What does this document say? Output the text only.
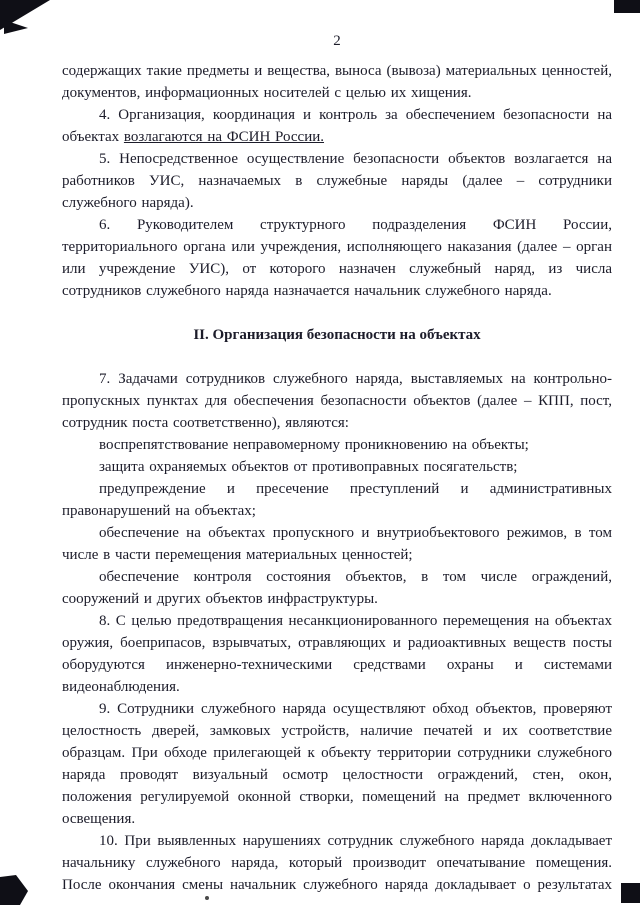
2

содержащих такие предметы и вещества, выноса (вывоза) материальных ценностей, документов, информационных носителей с целью их хищения.

4. Организация, координация и контроль за обеспечением безопасности на объектах возлагаются на ФСИН России.

5. Непосредственное осуществление безопасности объектов возлагается на работников УИС, назначаемых в служебные наряды (далее – сотрудники служебного наряда).

6. Руководителем структурного подразделения ФСИН России, территориального органа или учреждения, исполняющего наказания (далее – орган или учреждение УИС), от которого назначен служебный наряд, из числа сотрудников служебного наряда назначается начальник служебного наряда.

II. Организация безопасности на объектах

7. Задачами сотрудников служебного наряда, выставляемых на контрольно-пропускных пунктах для обеспечения безопасности объектов (далее – КПП, пост, сотрудник поста соответственно), являются:

воспрепятствование неправомерному проникновению на объекты;

защита охраняемых объектов от противоправных посягательств;

предупреждение и пресечение преступлений и административных правонарушений на объектах;

обеспечение на объектах пропускного и внутриобъектового режимов, в том числе в части перемещения материальных ценностей;

обеспечение контроля состояния объектов, в том числе ограждений, сооружений и других объектов инфраструктуры.

8. С целью предотвращения несанкционированного перемещения на объектах оружия, боеприпасов, взрывчатых, отравляющих и радиоактивных веществ посты оборудуются инженерно-техническими средствами охраны и системами видеонаблюдения.

9. Сотрудники служебного наряда осуществляют обход объектов, проверяют целостность дверей, замковых устройств, наличие печатей и их соответствие образцам. При обходе прилегающей к объекту территории сотрудники служебного наряда проводят визуальный осмотр целостности ограждений, стен, окон, положения регулируемой оконной створки, помещений на предмет включенного освещения.

10. При выявленных нарушениях сотрудник служебного наряда докладывает начальнику служебного наряда, который производит опечатывание помещения. После окончания смены начальник служебного наряда докладывает о результатах
